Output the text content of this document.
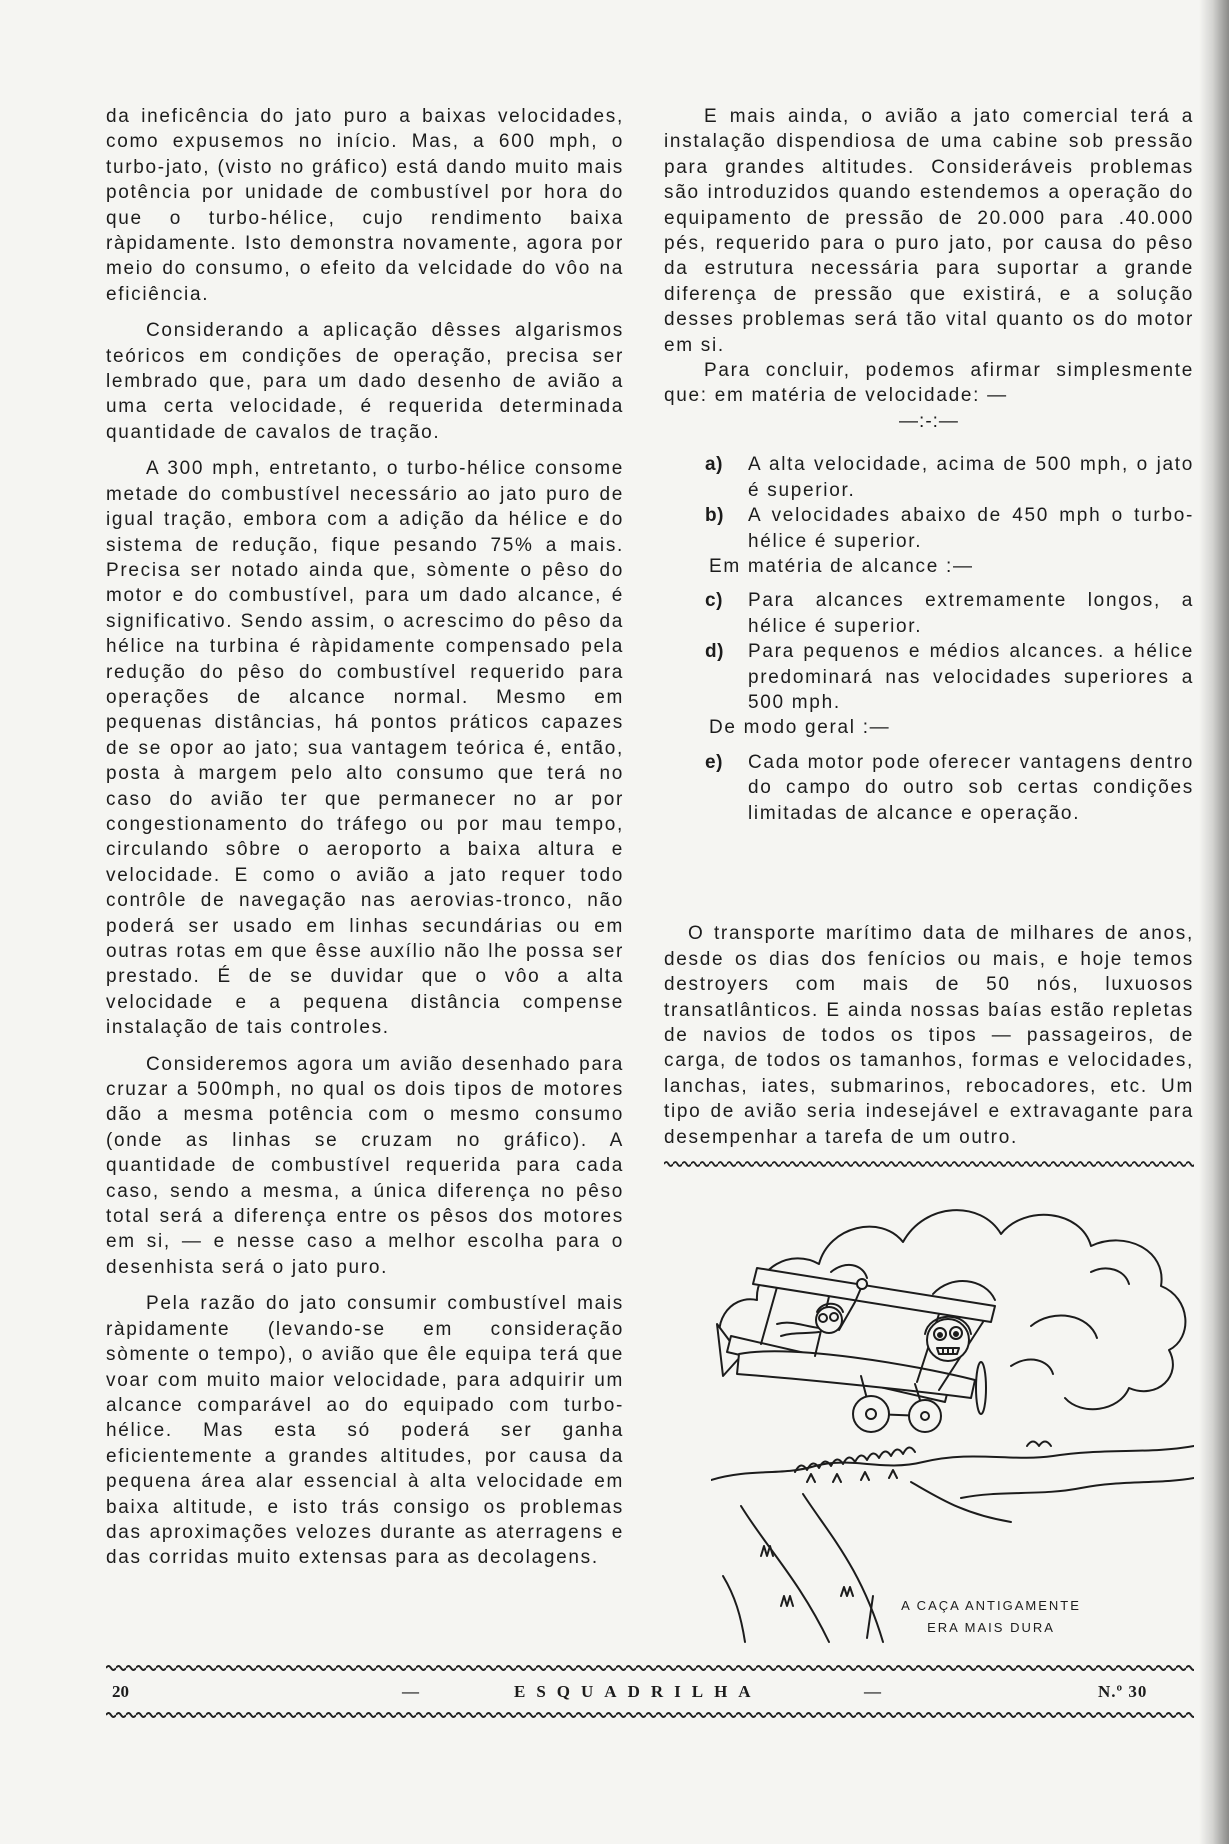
da ineficência do jato puro a baixas velocidades, como expusemos no início. Mas, a 600 mph, o turbo-jato, (visto no gráfico) está dando muito mais potência por unidade de combustível por hora do que o turbo-hélice, cujo rendimento baixa ràpidamente. Isto demonstra novamente, agora por meio do consumo, o efeito da velcidade do vôo na eficiência.

Considerando a aplicação dêsses algarismos teóricos em condições de operação, precisa ser lembrado que, para um dado desenho de avião a uma certa velocidade, é requerida determinada quantidade de cavalos de tração.

A 300 mph, entretanto, o turbo-hélice consome metade do combustível necessário ao jato puro de igual tração, embora com a adição da hélice e do sistema de redução, fique pesando 75% a mais. Precisa ser notado ainda que, sòmente o pêso do motor e do combustível, para um dado alcance, é significativo. Sendo assim, o acrescimo do pêso da hélice na turbina é ràpidamente compensado pela redução do pêso do combustível requerido para operações de alcance normal. Mesmo em pequenas distâncias, há pontos práticos capazes de se opor ao jato; sua vantagem teórica é, então, posta à margem pelo alto consumo que terá no caso do avião ter que permanecer no ar por congestionamento do tráfego ou por mau tempo, circulando sôbre o aeroporto a baixa altura e velocidade. E como o avião a jato requer todo contrôle de navegação nas aerovias-tronco, não poderá ser usado em linhas secundárias ou em outras rotas em que êsse auxílio não lhe possa ser prestado. É de se duvidar que o vôo a alta velocidade e a pequena distância compense instalação de tais controles.

Consideremos agora um avião desenhado para cruzar a 500mph, no qual os dois tipos de motores dão a mesma potência com o mesmo consumo (onde as linhas se cruzam no gráfico). A quantidade de combustível requerida para cada caso, sendo a mesma, a única diferença no pêso total será a diferença entre os pêsos dos motores em si, — e nesse caso a melhor escolha para o desenhista será o jato puro.

Pela razão do jato consumir combustível mais ràpidamente (levando-se em consideração sòmente o tempo), o avião que êle equipa terá que voar com muito maior velocidade, para adquirir um alcance comparável ao do equipado com turbo-hélice. Mas esta só poderá ser ganha eficientemente a grandes altitudes, por causa da pequena área alar essencial à alta velocidade em baixa altitude, e isto trás consigo os problemas das aproximações velozes durante as aterragens e das corridas muito extensas para as decolagens.

E mais ainda, o avião a jato comercial terá a instalação dispendiosa de uma cabine sob pressão para grandes altitudes. Consideráveis problemas são introduzidos quando estendemos a operação do equipamento de pressão de 20.000 para .40.000 pés, requerido para o puro jato, por causa do pêso da estrutura necessária para suportar a grande diferença de pressão que existirá, e a solução desses problemas será tão vital quanto os do motor em si.

Para concluir, podemos afirmar simplesmente que: em matéria de velocidade: —

—:-:—
a)	A alta velocidade, acima de 500 mph, o jato é superior.
b)	A velocidades abaixo de 450 mph o turbo-hélice é superior.
Em matéria de alcance :—
c)	Para alcances extremamente longos, a hélice é superior.
d)	Para pequenos e médios alcances. a hélice predominará nas velocidades superiores a 500 mph.
De modo geral :—
e)	Cada motor pode oferecer vantagens dentro do campo do outro sob certas condições limitadas de alcance e operação.

O transporte marítimo data de milhares de anos, desde os dias dos fenícios ou mais, e hoje temos destroyers com mais de 50 nós, luxuosos transatlânticos. E ainda nossas baías estão repletas de navios de todos os tipos — passageiros, de carga, de todos os tamanhos, formas e velocidades, lanchas, iates, submarinos, rebocadores, etc. Um tipo de avião seria indesejável e extravagante para desempenhar a tarefa de um outro.

A CAÇA ANTIGAMENTE
ERA MAIS DURA
20	—	ESQUADRILHA	—	N.º 30
